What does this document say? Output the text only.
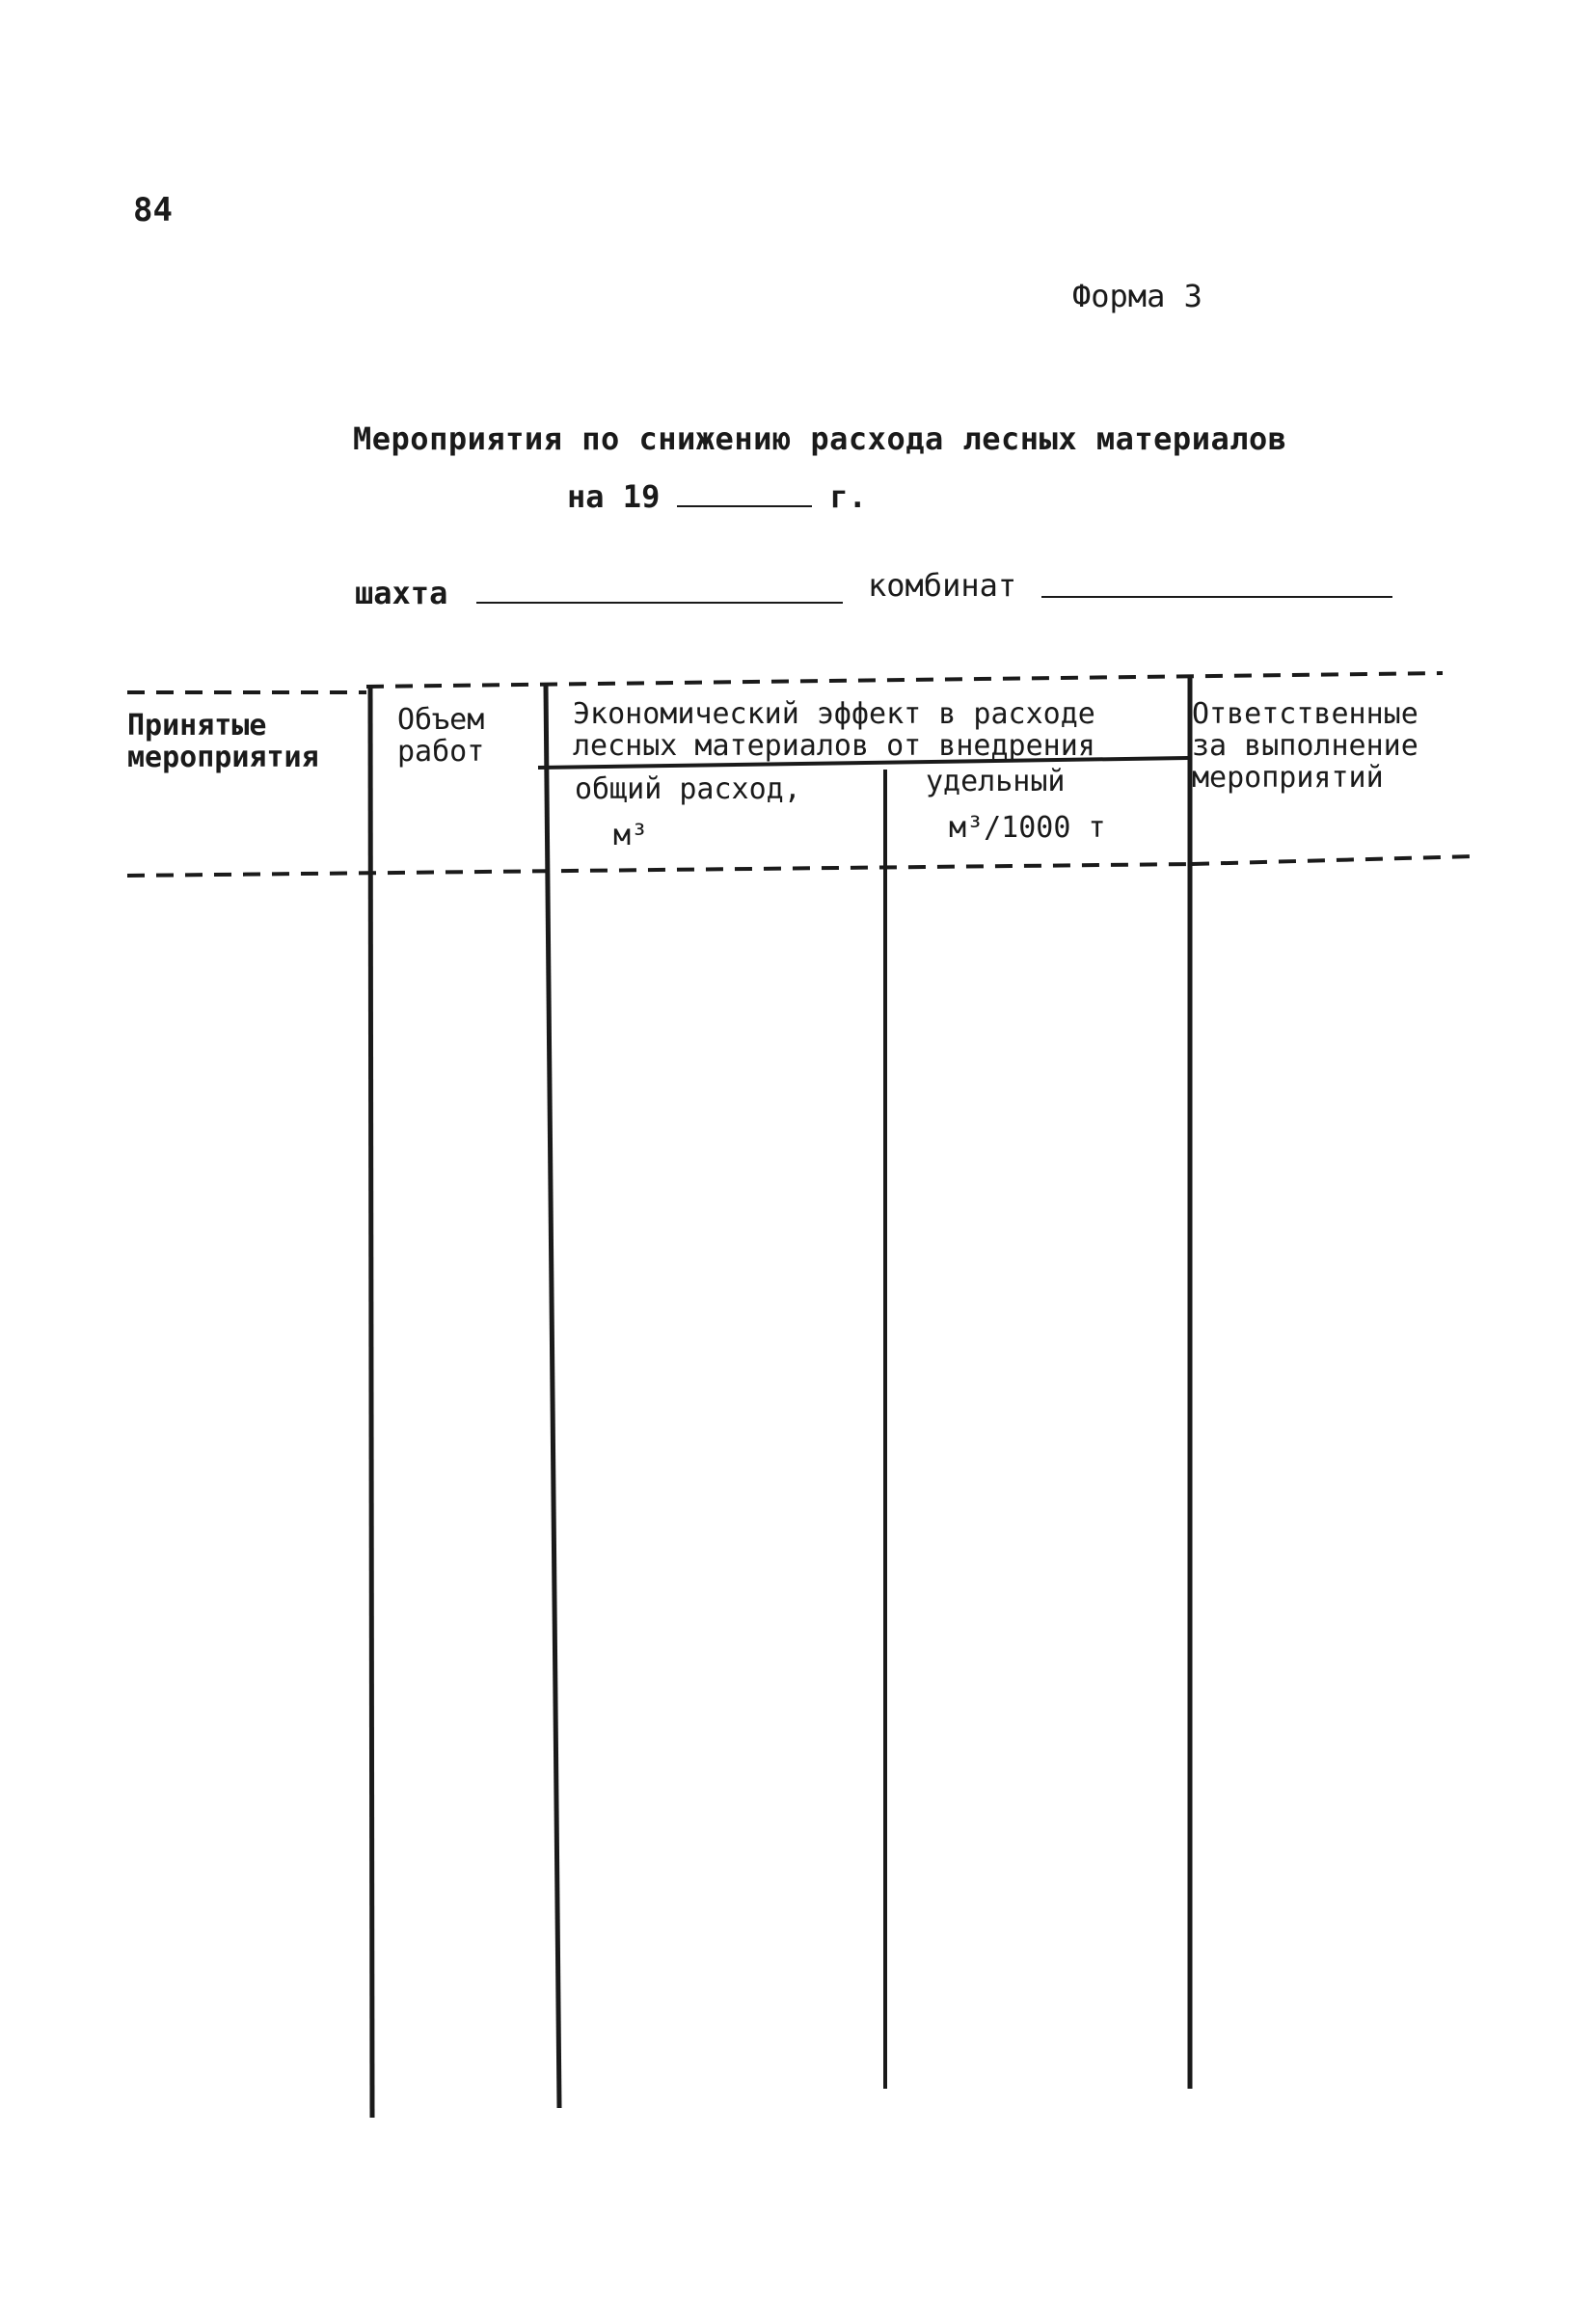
84
Форма 3
Мероприятия по снижению расхода лесных материалов
на 19	г.
шахта	комбинат
Принятые
мероприятия
Объем
работ
Экономический эффект в расходе
лесных материалов от внедрения
общий расход,
м³
удельный
м³/1000 т
Ответственные
за выполнение
мероприятий
